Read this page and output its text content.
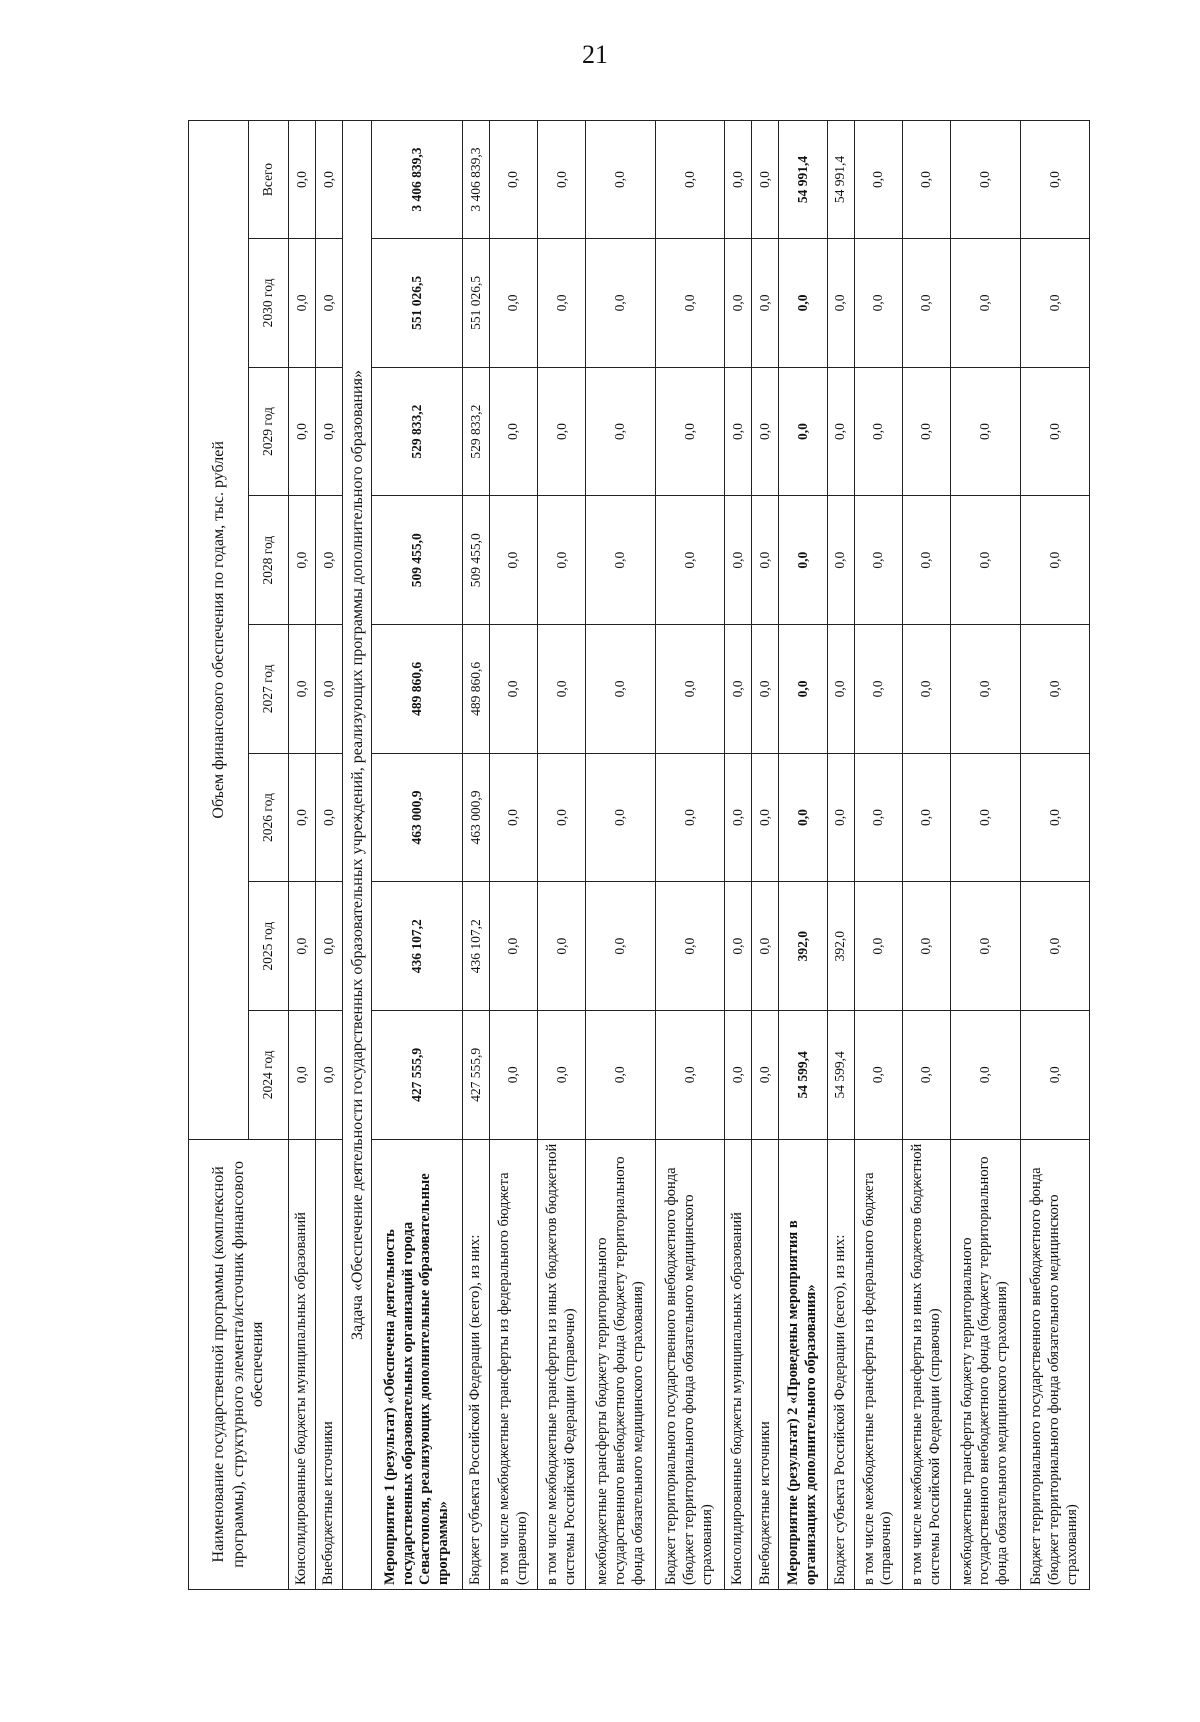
21
Наименование государственной программы (комплексной программы), структурного элемента/источник финансового обеспечения	Объем финансового обеспечения по годам, тыс. рублей							
	2024 год	2025 год	2026 год	2027 год	2028 год	2029 год	2030 год	Всего
Консолидированные бюджеты муниципальных образований	0,0	0,0	0,0	0,0	0,0	0,0	0,0	0,0
Внебюджетные источники	0,0	0,0	0,0	0,0	0,0	0,0	0,0	0,0
Задача «Обеспечение деятельности государственных образовательных учреждений, реализующих программы дополнительного образования»								
Мероприятие 1 (результат) «Обеспечена деятельность государственных образовательных организаций города Севастополя, реализующих дополнительные образовательные программы»	427 555,9	436 107,2	463 000,9	489 860,6	509 455,0	529 833,2	551 026,5	3 406 839,3
Бюджет субъекта Российской Федерации (всего), из них:	427 555,9	436 107,2	463 000,9	489 860,6	509 455,0	529 833,2	551 026,5	3 406 839,3
в том числе межбюджетные трансферты из федерального бюджета (справочно)	0,0	0,0	0,0	0,0	0,0	0,0	0,0	0,0
в том числе межбюджетные трансферты из иных бюджетов бюджетной системы Российской Федерации (справочно)	0,0	0,0	0,0	0,0	0,0	0,0	0,0	0,0
межбюджетные трансферты бюджету территориального государственного внебюджетного фонда (бюджету территориального фонда обязательного медицинского страхования)	0,0	0,0	0,0	0,0	0,0	0,0	0,0	0,0
Бюджет территориального государственного внебюджетного фонда (бюджет территориального фонда обязательного медицинского страхования)	0,0	0,0	0,0	0,0	0,0	0,0	0,0	0,0
Консолидированные бюджеты муниципальных образований	0,0	0,0	0,0	0,0	0,0	0,0	0,0	0,0
Внебюджетные источники	0,0	0,0	0,0	0,0	0,0	0,0	0,0	0,0
Мероприятие (результат) 2 «Проведены мероприятия в организациях дополнительного образования»	54 599,4	392,0	0,0	0,0	0,0	0,0	0,0	54 991,4
Бюджет субъекта Российской Федерации (всего), из них:	54 599,4	392,0	0,0	0,0	0,0	0,0	0,0	54 991,4
в том числе межбюджетные трансферты из федерального бюджета (справочно)	0,0	0,0	0,0	0,0	0,0	0,0	0,0	0,0
в том числе межбюджетные трансферты из иных бюджетов бюджетной системы Российской Федерации (справочно)	0,0	0,0	0,0	0,0	0,0	0,0	0,0	0,0
межбюджетные трансферты бюджету территориального государственного внебюджетного фонда (бюджету территориального фонда обязательного медицинского страхования)	0,0	0,0	0,0	0,0	0,0	0,0	0,0	0,0
Бюджет территориального государственного внебюджетного фонда (бюджет территориального фонда обязательного медицинского страхования)	0,0	0,0	0,0	0,0	0,0	0,0	0,0	0,0
